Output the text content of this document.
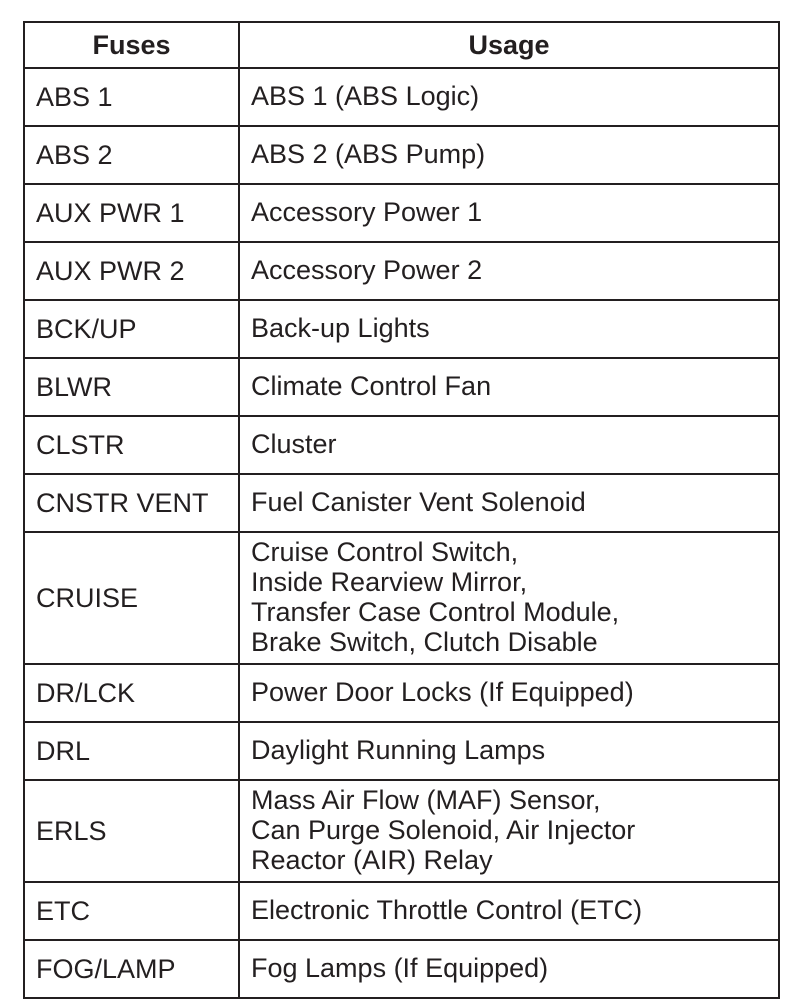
Fuses	Usage
ABS 1	ABS 1 (ABS Logic)
ABS 2	ABS 2 (ABS Pump)
AUX PWR 1	Accessory Power 1
AUX PWR 2	Accessory Power 2
BCK/UP	Back-up Lights
BLWR	Climate Control Fan
CLSTR	Cluster
CNSTR VENT	Fuel Canister Vent Solenoid
CRUISE	Cruise Control Switch,
Inside Rearview Mirror,
Transfer Case Control Module,
Brake Switch, Clutch Disable
DR/LCK	Power Door Locks (If Equipped)
DRL	Daylight Running Lamps
ERLS	Mass Air Flow (MAF) Sensor,
Can Purge Solenoid, Air Injector
Reactor (AIR) Relay
ETC	Electronic Throttle Control (ETC)
FOG/LAMP	Fog Lamps (If Equipped)
